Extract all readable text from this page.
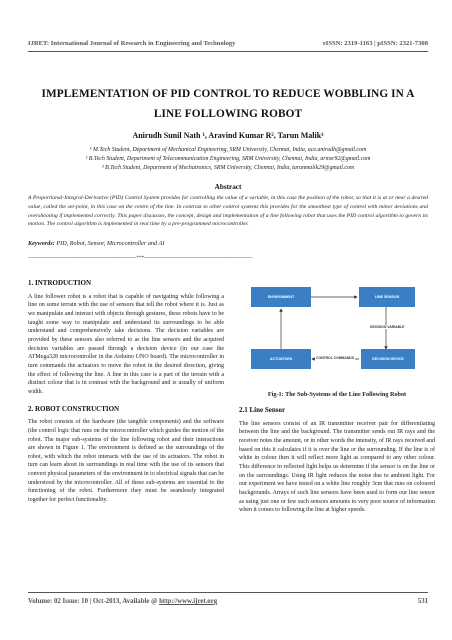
IJRET: International Journal of Research in Engineering and Technology	eISSN: 2319-1163 | pISSN: 2321-7308
IMPLEMENTATION OF PID CONTROL TO REDUCE WOBBLING IN A LINE FOLLOWING ROBOT
Anirudh Sunil Nath ¹, Aravind Kumar R², Tarun Malik³
¹ M.Tech Student, Department of Mechanical Engineering, SRM University, Chennai, India, ace.anirudh@gmail.com
² B.Tech Student, Department of Telecommunication Engineering, SRM University, Chennai, India, armsr92@gmail.com
³ B.Tech Student, Department of Mechatronics, SRM University, Chennai, India, tarunmalik29@gmail.com
Abstract
A Proportional-Integral-Derivative (PID) Control System provides for controlling the value of a variable, in this case the position of the robot, so that it is at or near a desired value, called the set-point, in this case on the centre of the line. In contrast to other control systems this provides for the smoothest type of control with minor deviations and overshooting if implemented correctly. This paper discusses, the concept, design and implementation of a line following robot that uses the PID control algorithm to govern its motion. The control algorithm is implemented in real time by a pre-programmed microcontroller.
Keywords: PID, Robot, Sensor, Microcontroller and AI
--------------------------------------------------------------------***--------------------------------------------------------------------
1. INTRODUCTION

A line follower robot is a robot that is capable of navigating while following a line on some terrain with the use of sensors that tell the robot where it is. Just as we manipulate and interact with objects through gestures, these robots have to be taught some way to manipulate and understand its surroundings to be able understand and comprehensively take decisions. The decision variables are provided by these sensors also referred to as the line sensors and the acquired decision variables are passed through a decision device (in our case the ATMega328 microcontroller in the Arduino UNO board). The microcontroller in turn commands the actuators to move the robot in the desired direction, giving the effect of following the line. A line in this case is a part of the terrain with a distinct colour that is in contrast with the background and is usually of uniform width.

2. ROBOT CONSTRUCTION

The robot consists of the hardware (the tangible components) and the software (the control logic that runs on the microcontroller which guides the motion of the robot. The major sub-systems of the line following robot and their interactions are shown in Figure 1. The environment is defined as the surroundings of the robot, with which the robot interacts with the use of its actuators. The robot in turn can learn about its surroundings in real time with the use of its sensors that convert physical parameters of the environment in to electrical signals that can be understood by the microcontroller. All of these sub-systems are essential to the functioning of the robot. Furthermore they must be seamlessly integrated together for perfect functionality.

ENVIRONMENT	LINE SENSOR
ACTUATORS	DECISION DEVICE
DECISION VARIABLE
CONTROL COMMANDS
Fig-1: The Sub-Systems of the Line Following Robot
2.1 Line Sensor

The line sensors consist of an IR transmitter receiver pair for differentiating between the line and the background. The transmitter sends out IR rays and the receiver notes the amount, or in other words the intensity, of IR rays received and based on this it calculates if it is over the line or the surrounding. If the line is of white in colour then it will reflect more light as compared to any other colour. This difference in reflected light helps us determine if the sensor is on the line or on the surroundings. Using IR light reduces the noise due to ambient light. For our experiment we have tested on a white line roughly 3cm that runs on coloured backgrounds. Arrays of such line sensors have been used to form our line sensor as using just one or few such sensors amounts to very poor source of information when it comes to following the line at higher speeds.

Volume: 02 Issue: 10 | Oct-2013, Available @ http://www.ijret.org	531
